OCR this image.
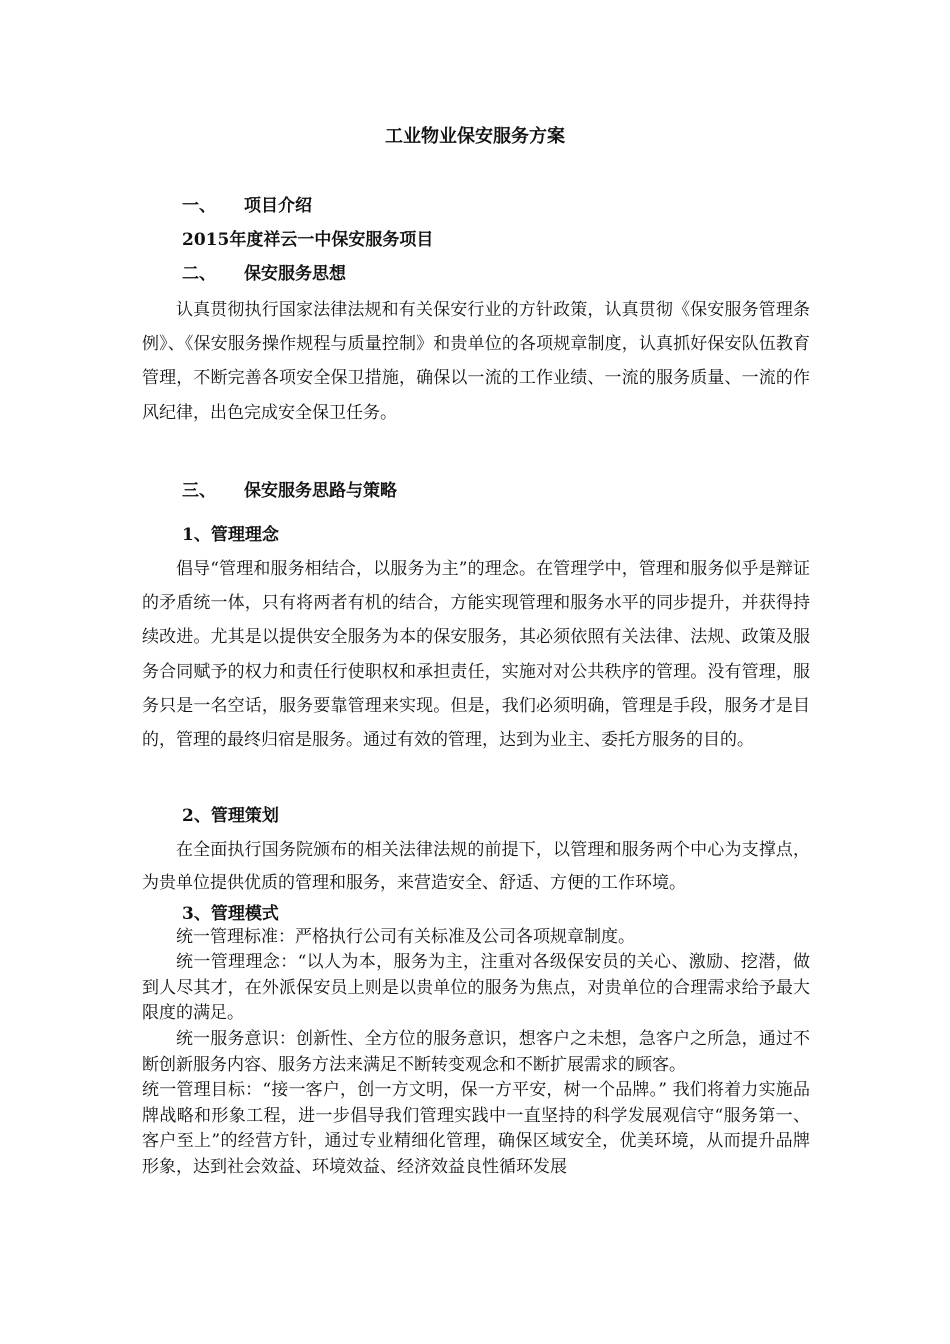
工业物业保安服务方案
一、 项目介绍
2015年度祥云一中保安服务项目
二、 保安服务思想
认真贯彻执行国家法律法规和有关保安行业的方针政策，认真贯彻《保安服务管理条例》、《保安服务操作规程与质量控制》和贵单位的各项规章制度，认真抓好保安队伍教育管理，不断完善各项安全保卫措施，确保以一流的工作业绩、一流的服务质量、一流的作风纪律，出色完成安全保卫任务。
三、 保安服务思路与策略
1、管理理念
倡导“管理和服务相结合，以服务为主”的理念。在管理学中，管理和服务似乎是辩证的矛盾统一体，只有将两者有机的结合，方能实现管理和服务水平的同步提升，并获得持续改进。尤其是以提供安全服务为本的保安服务，其必须依照有关法律、法规、政策及服务合同赋予的权力和责任行使职权和承担责任，实施对对公共秩序的管理。没有管理，服务只是一名空话，服务要靠管理来实现。但是，我们必须明确，管理是手段，服务才是目的，管理的最终归宿是服务。通过有效的管理，达到为业主、委托方服务的目的。
2、管理策划
在全面执行国务院颁布的相关法律法规的前提下，以管理和服务两个中心为支撑点，为贵单位提供优质的管理和服务，来营造安全、舒适、方便的工作环境。
3、管理模式
统一管理标准：严格执行公司有关标准及公司各项规章制度。
统一管理理念：“以人为本，服务为主，注重对各级保安员的关心、激励、挖潜，做到人尽其才，在外派保安员上则是以贵单位的服务为焦点，对贵单位的合理需求给予最大限度的满足。
统一服务意识：创新性、全方位的服务意识，想客户之未想，急客户之所急，通过不断创新服务内容、服务方法来满足不断转变观念和不断扩展需求的顾客。
统一管理目标：“接一客户，创一方文明，保一方平安，树一个品牌。” 我们将着力实施品牌战略和形象工程，进一步倡导我们管理实践中一直坚持的科学发展观信守“服务第一、客户至上”的经营方针，通过专业精细化管理，确保区域安全，优美环境，从而提升品牌形象，达到社会效益、环境效益、经济效益良性循环发展
